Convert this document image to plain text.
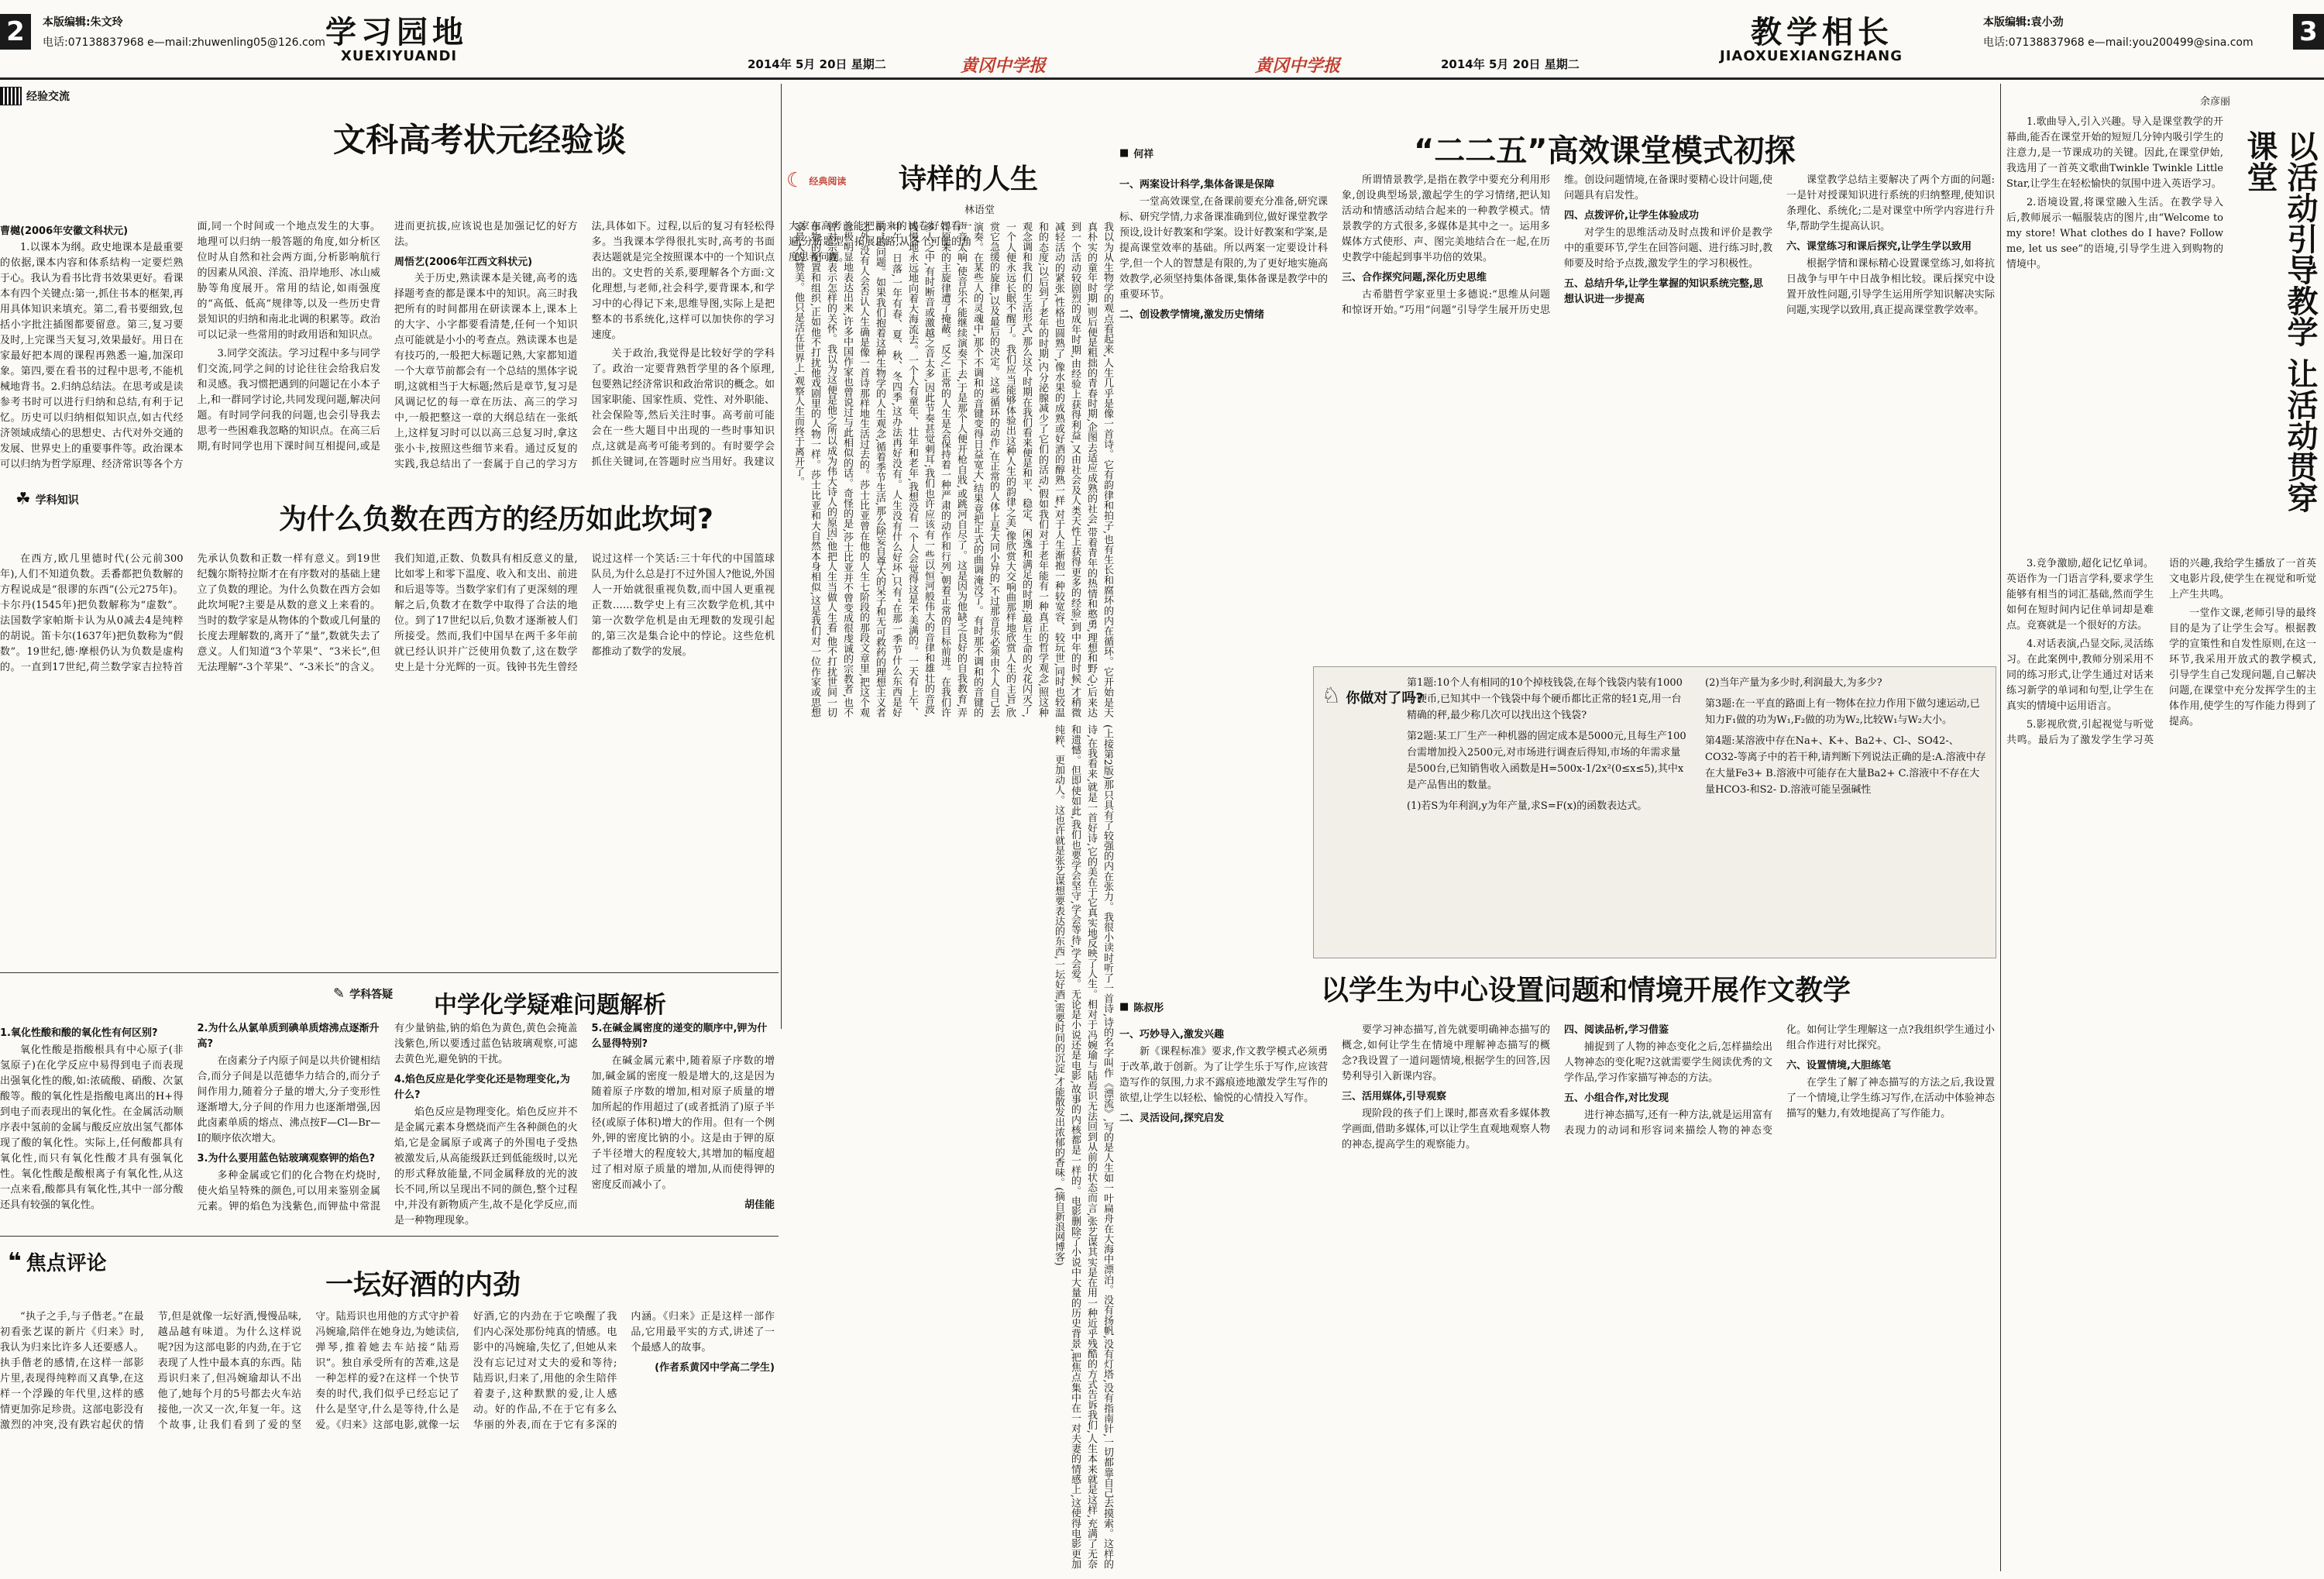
2	本版编辑:朱文玲
电话:07138837968 e—mail:zhuwenling05@126.com 学习园地
XUEXIYUANDI	2014年 5月 20日 星期二	黄冈中学报
经验交流
文科高考状元经验谈
曹樾(2006年安徽文科状元)

1.以课本为纲。政史地课本是最重要的依据,课本内容和体系结构一定要烂熟于心。我认为看书比背书效果更好。看课本有四个关键点:第一,抓住书本的框架,再用具体知识来填充。第二,看书要细致,包括小字批注插图都要留意。第三,复习要及时,上完课当天复习,效果最好。用日在家最好把本周的课程再熟悉一遍,加深印象。第四,要在看书的过程中思考,不能机械地背书。2.归纳总结法。在思考或是读参考书时可以进行归纳和总结,有利于记忆。历史可以归纳相似知识点,如古代经济领域成绩心的思想史、古代对外交通的发展、世界史上的重要事件等。政治课本可以归纳为哲学原理、经济常识等各个方面,同一个时间或一个地点发生的大事。地理可以归纳一般答题的角度,如分析区位时从自然和社会两方面,分析影响航行的因素从风浪、洋流、沿岸地形、冰山威胁等角度展开。常用的结论,如雨强度的“高低、低高”规律等,以及一些历史背景知识的归纳和南北北调的积累等。政治可以记录一些常用的时政用语和知识点。

3.同学交流法。学习过程中多与同学们交流,同学之间的讨论往往会给我启发和灵感。我习惯把遇到的问题记在小本子上,和一群同学讨论,共同发现问题,解决问题。有时同学问我的问题,也会引导我去思考一些困难我忽略的知识点。在高三后期,有时同学也用下课时间互相提问,或是进而更抗拔,应该说也是加强记忆的好方法。

周悟艺(2006年江西文科状元)

关于历史,熟读课本是关键,高考的选择题考查的都是课本中的知识。高三时我把所有的时间都用在研读课本上,课本上的大字、小字都要看清楚,任何一个知识点可能就是小小的考查点。熟读课本也是有技巧的,一般把大标题记熟,大家都知道一个大章节前都会有一个总结的黑体字说明,这就相当于大标题;然后是章节,复习是风调记忆的每一章在历法、高三的学习中,一般把整这一章的大纲总结在一张纸上,这样复习时可以以高三总复习时,拿这张小卡,按照这些细节来看。通过反复的实践,我总结出了一套属于自己的学习方法,具体如下。过程,以后的复习有轻松得多。当我课本学得很扎实时,高考的书面表达题就是完全按照课本中的一个知识点出的。文史哲的关系,要理解各个方面:文化理想,与老师,社会科学,要背课本,和学习中的心得记下来,思维导图,实际上是把整本的书系统化,这样可以加快你的学习速度。

关于政治,我觉得是比较好学的学科了。政治一定要背熟哲学里的各个原理,包要熟记经济常识和政治常识的概念。如国家职能、国家性质、党性、对外职能、社会保险等,然后关注时事。高考前可能会在一些大题目中出现的一些时事知识点,这就是高考可能考到的。有时要学会抓住关键词,在答题时应当用好。我建议大家在高考前能把原来的试卷好好看一遍,分析题型、拓展思路,从各个可能的角度思考问题。

☾ 经典阅读 诗样的人生
林语堂
我以为从生物学的观点看起来,人生几乎是像一首诗。它有韵律和拍子,也有生长和腐坏的内在循环。它开始是天真朴实的童年时期,则后便是粗拙的青春时期,企图去适应成熟的社会,带着青年的热情和憨勇,理想和野心;后来达到一个活动较剧烈的成年时期,由经验上获得利益,又由社会及人类天性上获得更多的经验;到中年的时候,才稍微减轻活动的紧张,性格也圆熟了,像水果的成熟或好酒的醇熟一样,对于人生渐抱一种较宽容、较玩世,同时也较温和的态度;以后到了老年的时期,内分泌腺减少了它们的活动,假如我们对于老年能有一种真正的哲学观念,照这种观念调和我们的生活形式,那么这个时期在我们看来便是和平、稳定、闲逸和满足的时期;最后生命的火花闪灭了,一个人便永远长眠不醒了。我们应当能够体验出这种人生的韵律之美,像欣赏大交响曲那样地欣赏人生的主旨,欣赏它急缓的旋律,以及最后的决定。这些循环的动作,在正常的人体上是大同小异的,不过那音乐必须由个人自己去演奏。在某些人的灵魂中,那个不调和的音键变得日益宽大,结果竟把正式的曲调淹没了。有时那不调和的音键的声音太响,使音乐不能继续演奏下去,于是那个人便开枪自戕,或跳河自尽了。这是因为他缺乏良好的自我教育,弄得原来的主旋律遭了掩蔽。反之,正常的人生是会保持着一种严肃的动作和行列,朝着正常的目标前进。在我们许多人之中,有时断音或激越之音太多,因此节奏甚觉刺耳;我们也许应该有一些以恒河般伟大的音律和雄壮的音波,慢慢地永远地向着大海流去。一个人有童年、壮年和老年,我想没有一个人会觉得这是不美满的。一天有上午、中午、日落,一年有春、夏、秋、冬四季,这办法再好没有。人生没有什么好坏,只有“在那一季节什么东西是好的”的问题。如果我们抱着这种生物学的人生观念,循着季节生活,那么除妄自尊大的呆子和无可救药的理想主义者之外,没有人会否认人生确是像一首诗那样地生活过去的。莎士比亚曾在他的人生七阶段的那段文章里,把这个观念极明显地表达出来,许多中国作家也曾说过与此相似的话。奇怪的是,莎士比亚并不曾变成很虔诚的宗教者,也不曾对宗教表示怎样的关怀。我以为这便是他之所以成为伟大诗人的原因;他把人生当做人生看,他不打扰世间一切事物的配置和组织,正如他不打扰他戏剧里的人物一样。莎士比亚和大自然本身相似,这是我们对一位作家或思想家最大的赞美。他只是活在世界上,观察人生而终于离开了。
☘ 学科知识
为什么负数在西方的经历如此坎坷?

在西方,欧几里德时代(公元前300年),人们不知道负数。丢番都把负数解的方程说成是“很谬的东西”(公元275年)。卡尔丹(1545年)把负数解称为“虚数”。法国数学家帕斯卡认为从0减去4是纯粹的胡说。笛卡尔(1637年)把负数称为“假数”。19世纪,德·摩根仍认为负数是虚构的。一直到17世纪,荷兰数学家吉拉特首先承认负数和正数一样有意义。到19世纪魏尔斯特拉斯才在有序数对的基础上建立了负数的理论。为什么负数在西方会如此坎坷呢?主要是从数的意义上来看的。当时的数学家是从物体的个数或几何量的长度去理解数的,离开了“量”,数就失去了意义。人们知道“3个苹果”、“3米长”,但无法理解“-3个苹果”、“-3米长”的含义。我们知道,正数、负数具有相反意义的量,比如零上和零下温度、收入和支出、前进和后退等等。当数学家们有了更深刻的理解之后,负数才在数学中取得了合法的地位。到了17世纪以后,负数才逐渐被人们所接受。然而,我们中国早在两千多年前就已经认识并广泛使用负数了,这在数学史上是十分光辉的一页。钱钟书先生曾经说过这样一个笑话:三十年代的中国篮球队员,为什么总是打不过外国人?他说,外国人一开始就很重视负数,而中国人更重视正数……数学史上有三次数学危机,其中第一次数学危机是由无理数的发现引起的,第三次是集合论中的悖论。这些危机都推动了数学的发展。

✎ 学科答疑 中学化学疑难问题解析
1.氧化性酸和酸的氧化性有何区别?

氧化性酸是指酸根具有中心原子(非氢原子)在化学反应中易得到电子而表现出强氧化性的酸,如:浓硫酸、硝酸、次氯酸等。酸的氧化性是指酸电离出的H+得到电子而表现出的氧化性。在金属活动顺序表中氢前的金属与酸反应放出氢气都体现了酸的氧化性。实际上,任何酸都具有氧化性,而只有氧化性酸才具有强氧化性。氧化性酸是酸根离子有氧化性,从这一点来看,酸都具有氧化性,其中一部分酸还具有较强的氧化性。

2.为什么从氯单质到碘单质熔沸点逐渐升高?

在卤素分子内原子间是以共价键相结合,而分子间是以范德华力结合的,而分子间作用力,随着分子量的增大,分子变形性逐渐增大,分子间的作用力也逐渐增强,因此卤素单质的熔点、沸点按F—Cl—Br—I的顺序依次增大。

3.为什么要用蓝色钴玻璃观察钾的焰色?

多种金属或它们的化合物在灼烧时,使火焰呈特殊的颜色,可以用来鉴别金属元素。钾的焰色为浅紫色,而钾盐中常混有少量钠盐,钠的焰色为黄色,黄色会掩盖浅紫色,所以要透过蓝色钴玻璃观察,可滤去黄色光,避免钠的干扰。

4.焰色反应是化学变化还是物理变化,为什么?

焰色反应是物理变化。焰色反应并不是金属元素本身燃烧而产生各种颜色的火焰,它是金属原子或离子的外围电子受热被激发后,从高能级跃迁到低能级时,以光的形式释放能量,不同金属释放的光的波长不同,所以呈现出不同的颜色,整个过程中,并没有新物质产生,故不是化学反应,而是一种物理现象。

5.在碱金属密度的递变的顺序中,钾为什么显得特别?

在碱金属元素中,随着原子序数的增加,碱金属的密度一般是增大的,这是因为随着原子序数的增加,相对原子质量的增加所起的作用超过了(或者抵消了)原子半径(或原子体积)增大的作用。但有一个例外,钾的密度比钠的小。这是由于钾的原子半径增大的程度较大,其增加的幅度超过了相对原子质量的增加,从而使得钾的密度反而减小了。

胡佳能
❝ 焦点评论
一坛好酒的内劲

“执子之手,与子偕老。”在最初看张艺谋的新片《归来》时,我认为归来比许多人还要感人。执手偕老的感情,在这样一部影片里,表现得纯粹而又真挚,在这样一个浮躁的年代里,这样的感情更加弥足珍贵。这部电影没有激烈的冲突,没有跌宕起伏的情节,但是就像一坛好酒,慢慢品味,越品越有味道。为什么这样说呢?因为这部电影的内劲,在于它表现了人性中最本真的东西。陆焉识归来了,但冯婉瑜却认不出他了,她每个月的5号都去火车站接他,一次又一次,年复一年。这个故事,让我们看到了爱的坚守。陆焉识也用他的方式守护着冯婉瑜,陪伴在她身边,为她读信,弹琴,推着她去车站接“陆焉识”。独自承受所有的苦难,这是一种怎样的爱?在这样一个快节奏的时代,我们似乎已经忘记了什么是坚守,什么是等待,什么是爱。《归来》这部电影,就像一坛好酒,它的内劲在于它唤醒了我们内心深处那份纯真的情感。电影中的冯婉瑜,失忆了,但她从来没有忘记过对丈夫的爱和等待;陆焉识,归来了,用他的余生陪伴着妻子,这种默默的爱,让人感动。好的作品,不在于它有多么华丽的外表,而在于它有多深的内涵。《归来》正是这样一部作品,它用最平实的方式,讲述了一个最感人的故事。

(作者系黄冈中学高二学生)	(上接第2版)那只具有了较强的内在张力。我很小读时听了一首诗,诗的名字叫作《漂流》,写的是人生如一叶扁舟在大海中漂泊。没有扬帆,没有灯塔,没有指南针,一切都靠自己去摸索。这样的诗,在我看来,就是一首好诗,它的美在于它真实地反映了人生。相对于冯婉瑜与陆焉识无法回到从前的状态而言,张艺谋其实是在用一种近乎残酷的方式告诉我们,人生本来就是这样,充满了无奈和遗憾。但即使如此,我们也要学会坚守,学会等待,学会爱。无论是小说还是电影,故事的内核都是一样的。电影删除了小说中大量的历史背景,把焦点集中在一对夫妻的情感上,这使得电影更加纯粹、更加动人。这也许就是张艺谋想要表达的东西,一坛好酒,需要时间的沉淀,才能散发出浓郁的香味。(摘自新浪网博客)
黄冈中学报	2014年 5月 20日 星期二
教学相长
JIAOXUEXIANGZHANG
本版编辑:袁小劲
电话:07138837968 e—mail:you200499@sina.com 3
■ 何祥	“二二五”高效课堂模式初探
一、两案设计科学,集体备课是保障

一堂高效课堂,在备课前要充分准备,研究课标、研究学情,力求备课准确到位,做好课堂教学预设,设计好教案和学案。设计好教案和学案,是提高课堂效率的基础。所以两案一定要设计科学,但一个人的智慧是有限的,为了更好地实施高效教学,必须坚持集体备课,集体备课是教学中的重要环节。

二、创设教学情境,激发历史情绪

所谓情景教学,是指在教学中要充分利用形象,创设典型场景,激起学生的学习情绪,把认知活动和情感活动结合起来的一种教学模式。情景教学的方式很多,多媒体是其中之一。运用多媒体方式使形、声、图完美地结合在一起,在历史教学中能起到事半功倍的效果。

三、合作探究问题,深化历史思维

古希腊哲学家亚里士多德说:“思维从问题和惊讶开始。”巧用“问题”引导学生展开历史思维。创设问题情境,在备课时要精心设计问题,使问题具有启发性。

四、点拨评价,让学生体验成功

对学生的思维活动及时点拨和评价是教学中的重要环节,学生在回答问题、进行练习时,教师要及时给予点拨,激发学生的学习积极性。

五、总结升华,让学生掌握的知识系统完整,思想认识进一步提高

课堂教学总结主要解决了两个方面的问题:一是针对授课知识进行系统的归纳整理,使知识条理化、系统化;二是对课堂中所学内容进行升华,帮助学生提高认识。

六、课堂练习和课后探究,让学生学以致用

根据学情和课标精心设置课堂练习,如将抗日战争与甲午中日战争相比较。课后探究中设置开放性问题,引导学生运用所学知识解决实际问题,实现学以致用,真正提高课堂教学效率。

♘ 你做对了吗?

第1题:10个人有相同的10个掉枝钱袋,在每个钱袋内装有1000个硬币,已知其中一个钱袋中每个硬币都比正常的轻1克,用一台精确的秤,最少称几次可以找出这个钱袋?

第2题:某工厂生产一种机器的固定成本是5000元,且每生产100台需增加投入2500元,对市场进行调查后得知,市场的年需求量是500台,已知销售收入函数是H=500x-1/2x²(0≤x≤5),其中x是产品售出的数量。

(1)若S为年利润,y为年产量,求S=F(x)的函数表达式。

(2)当年产量为多少时,利润最大,为多少?

第3题:在一平直的路面上有一物体在拉力作用下做匀速运动,已知力F₁做的功为W₁,F₂做的功为W₂,比较W₁与W₂大小。

第4题:某溶液中存在Na+、K+、Ba2+、Cl-、SO42-、CO32-等离子中的若干种,请判断下列说法正确的是:A.溶液中存在大量Fe3+ B.溶液中可能存在大量Ba2+ C.溶液中不存在大量HCO3-和S2- D.溶液可能呈强碱性

■ 陈叔彤
以学生为中心设置问题和情境开展作文教学
一、巧妙导入,激发兴趣

新《课程标准》要求,作文教学模式必须勇于改革,敢于创新。为了让学生乐于写作,应该营造写作的氛围,力求不露痕迹地激发学生写作的欲望,让学生以轻松、愉悦的心情投入写作。

二、灵活设问,探究启发

要学习神态描写,首先就要明确神态描写的概念,如何让学生在情境中理解神态描写的概念?我设置了一道问题情境,根据学生的回答,因势利导引入新课内容。

三、活用媒体,引导观察

现阶段的孩子们上课时,都喜欢看多媒体教学画面,借助多媒体,可以让学生直观地观察人物的神态,提高学生的观察能力。

四、阅读品析,学习借鉴

捕捉到了人物的神态变化之后,怎样描绘出人物神态的变化呢?这就需要学生阅读优秀的文学作品,学习作家描写神态的方法。

五、小组合作,对比发现

进行神态描写,还有一种方法,就是运用富有表现力的动词和形容词来描绘人物的神态变化。如何让学生理解这一点?我组织学生通过小组合作进行对比探究。

六、设置情境,大胆练笔

在学生了解了神态描写的方法之后,我设置了一个情境,让学生练习写作,在活动中体验神态描写的魅力,有效地提高了写作能力。

余彦丽
以活动引导教学 让活动贯穿课堂

1.歌曲导入,引入兴趣。导入是课堂教学的开幕曲,能否在课堂开始的短短几分钟内吸引学生的注意力,是一节课成功的关键。因此,在课堂伊始,我选用了一首英文歌曲Twinkle Twinkle Little Star,让学生在轻松愉快的氛围中进入英语学习。

2.语境设置,将课堂融入生活。在教学导入后,教师展示一幅服装店的图片,由“Welcome to my store! What clothes do I have? Follow me, let us see”的语境,引导学生进入到购物的情境中。

3.竞争激励,超化记忆单词。英语作为一门语言学科,要求学生能够有相当的词汇基础,然而学生如何在短时间内记住单词却是难点。竞赛就是一个很好的方法。

4.对话表演,凸显交际,灵活练习。在此案例中,教师分别采用不同的练习形式,让学生通过对话来练习新学的单词和句型,让学生在真实的情境中运用语言。

5.影视欣赏,引起视觉与听觉共鸣。最后为了激发学生学习英语的兴趣,我给学生播放了一首英文电影片段,使学生在视觉和听觉上产生共鸣。

一堂作文课,老师引导的最终目的是为了让学生会写。根据教学的宣策性和自发性原则,在这一环节,我采用开放式的教学模式,引导学生自己发现问题,自己解决问题,在课堂中充分发挥学生的主体作用,使学生的写作能力得到了提高。
